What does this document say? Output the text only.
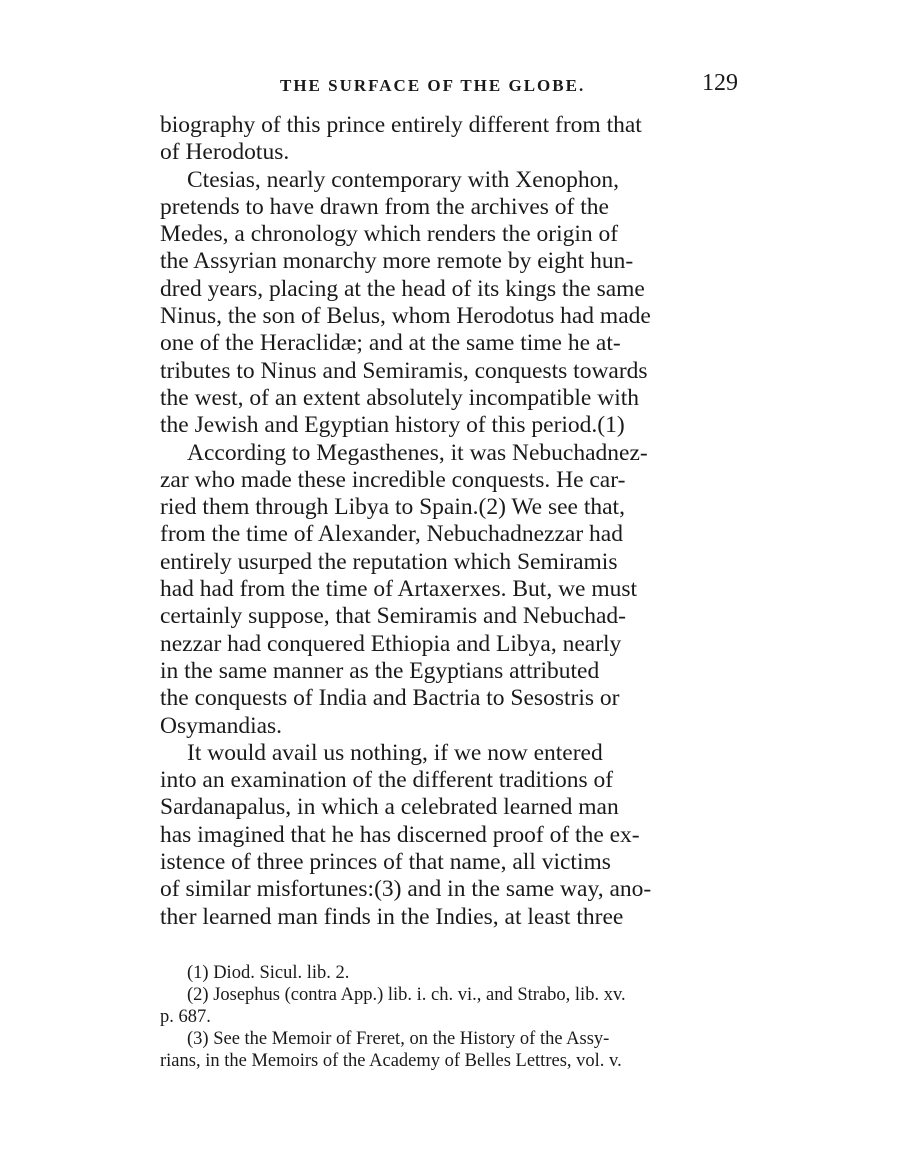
THE SURFACE OF THE GLOBE.	129

biography of this prince entirely different from that
of Herodotus.

Ctesias, nearly contemporary with Xenophon,
pretends to have drawn from the archives of the
Medes, a chronology which renders the origin of
the Assyrian monarchy more remote by eight hun-
dred years, placing at the head of its kings the same
Ninus, the son of Belus, whom Herodotus had made
one of the Heraclidæ; and at the same time he at-
tributes to Ninus and Semiramis, conquests towards
the west, of an extent absolutely incompatible with
the Jewish and Egyptian history of this period.(1)

According to Megasthenes, it was Nebuchadnez-
zar who made these incredible conquests. He car-
ried them through Libya to Spain.(2) We see that,
from the time of Alexander, Nebuchadnezzar had
entirely usurped the reputation which Semiramis
had had from the time of Artaxerxes. But, we must
certainly suppose, that Semiramis and Nebuchad-
nezzar had conquered Ethiopia and Libya, nearly
in the same manner as the Egyptians attributed
the conquests of India and Bactria to Sesostris or
Osymandias.

It would avail us nothing, if we now entered
into an examination of the different traditions of
Sardanapalus, in which a celebrated learned man
has imagined that he has discerned proof of the ex-
istence of three princes of that name, all victims
of similar misfortunes:(3) and in the same way, ano-
ther learned man finds in the Indies, at least three

(1) Diod. Sicul. lib. 2.

(2) Josephus (contra App.) lib. i. ch. vi., and Strabo, lib. xv.
p. 687.

(3) See the Memoir of Freret, on the History of the Assy-
rians, in the Memoirs of the Academy of Belles Lettres, vol. v.
